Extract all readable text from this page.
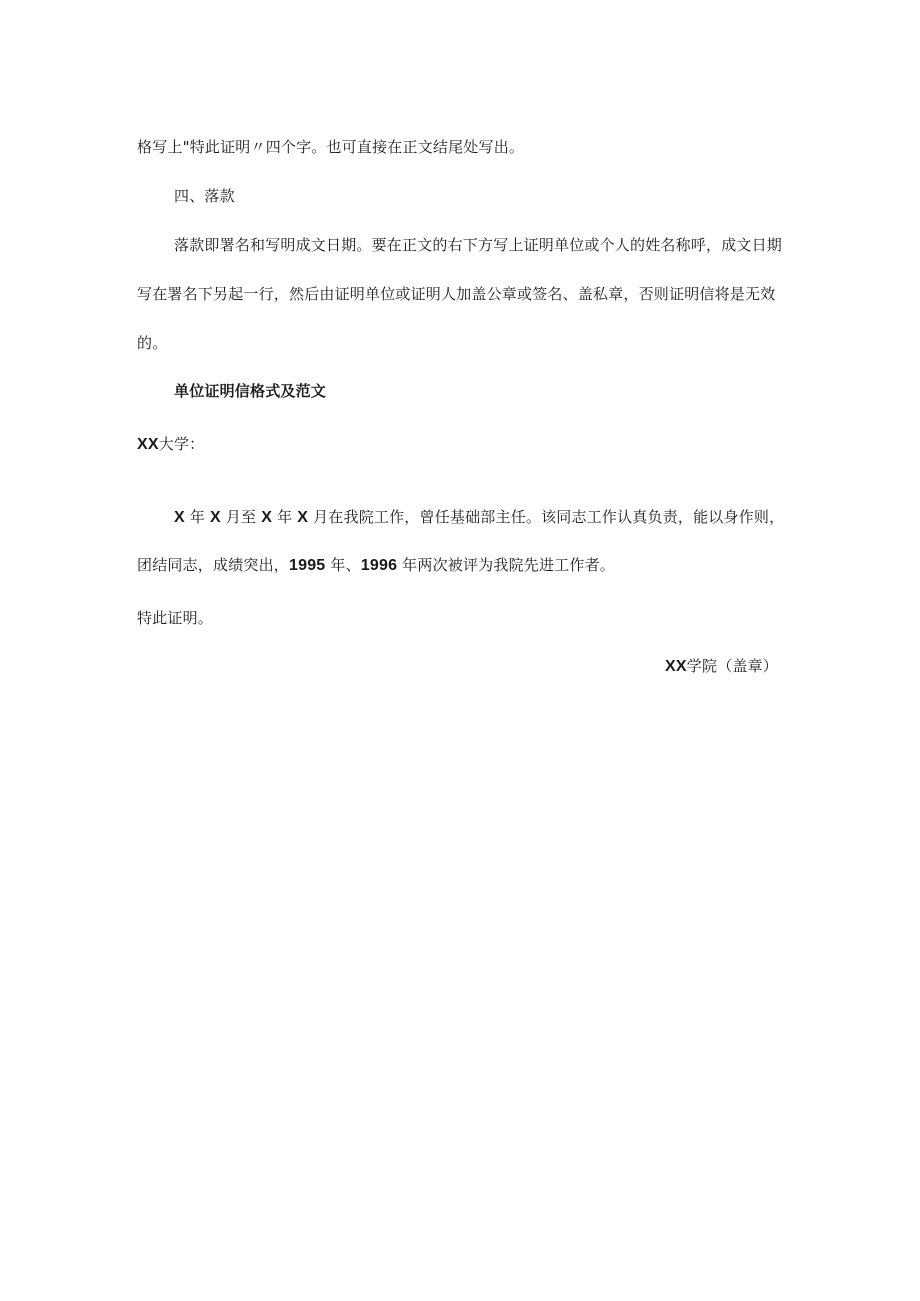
格写上"特此证明〃四个字。也可直接在正文结尾处写出。
四、落款
落款即署名和写明成文日期。要在正文的右下方写上证明单位或个人的姓名称呼，成文日期
写在署名下另起一行，然后由证明单位或证明人加盖公章或签名、盖私章，否则证明信将是无效
的。
单位证明信格式及范文
XX大学：
X 年 X 月至 X 年 X 月在我院工作，曾任基础部主任。该同志工作认真负责，能以身作则，
团结同志，成绩突出，1995 年、1996 年两次被评为我院先进工作者。
特此证明。
XX学院（盖章）
